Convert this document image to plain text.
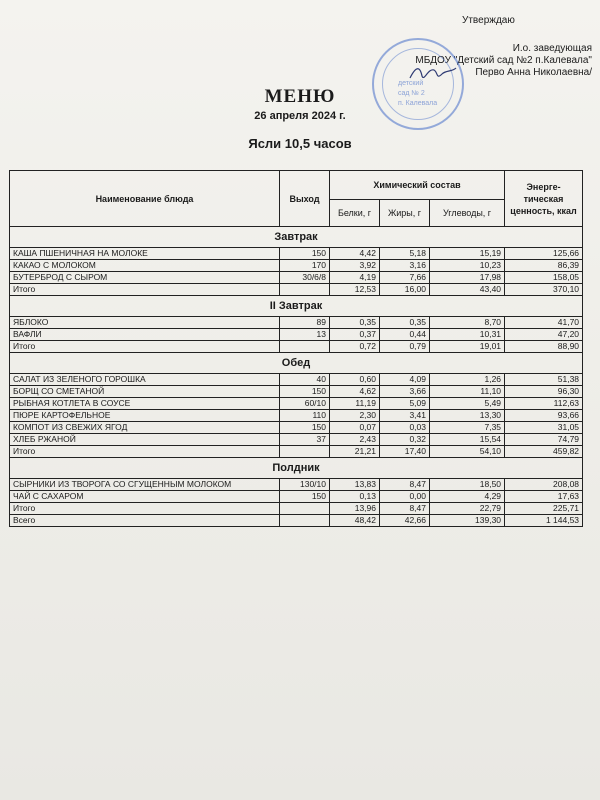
Утверждаю
И.о. заведующая
МБДОУ "Детский сад №2 п.Калевала"
Перво Анна Николаевна/
детский
сад № 2
п. Калевала
МЕНЮ
26 апреля 2024 г.
Ясли 10,5 часов
Наименование блюда	Выход	Химический состав			Энерге-тическая ценность, ккал
		Белки, г	Жиры, г	Углеводы, г	
Завтрак					
КАША ПШЕНИЧНАЯ НА МОЛОКЕ	150	4,42	5,18	15,19	125,66
КАКАО С МОЛОКОМ	170	3,92	3,16	10,23	86,39
БУТЕРБРОД С СЫРОМ	30/6/8	4,19	7,66	17,98	158,05
Итого		12,53	16,00	43,40	370,10
II Завтрак					
ЯБЛОКО	89	0,35	0,35	8,70	41,70
ВАФЛИ	13	0,37	0,44	10,31	47,20
Итого		0,72	0,79	19,01	88,90
Обед					
САЛАТ ИЗ ЗЕЛЕНОГО ГОРОШКА	40	0,60	4,09	1,26	51,38
БОРЩ СО СМЕТАНОЙ	150	4,62	3,66	11,10	96,30
РЫБНАЯ КОТЛЕТА В СОУСЕ	60/10	11,19	5,09	5,49	112,63
ПЮРЕ КАРТОФЕЛЬНОЕ	110	2,30	3,41	13,30	93,66
КОМПОТ ИЗ СВЕЖИХ ЯГОД	150	0,07	0,03	7,35	31,05
ХЛЕБ РЖАНОЙ	37	2,43	0,32	15,54	74,79
Итого		21,21	17,40	54,10	459,82
Полдник					
СЫРНИКИ ИЗ ТВОРОГА СО СГУЩЕННЫМ МОЛОКОМ	130/10	13,83	8,47	18,50	208,08
ЧАЙ С САХАРОМ	150	0,13	0,00	4,29	17,63
Итого		13,96	8,47	22,79	225,71
Всего		48,42	42,66	139,30	1 144,53
